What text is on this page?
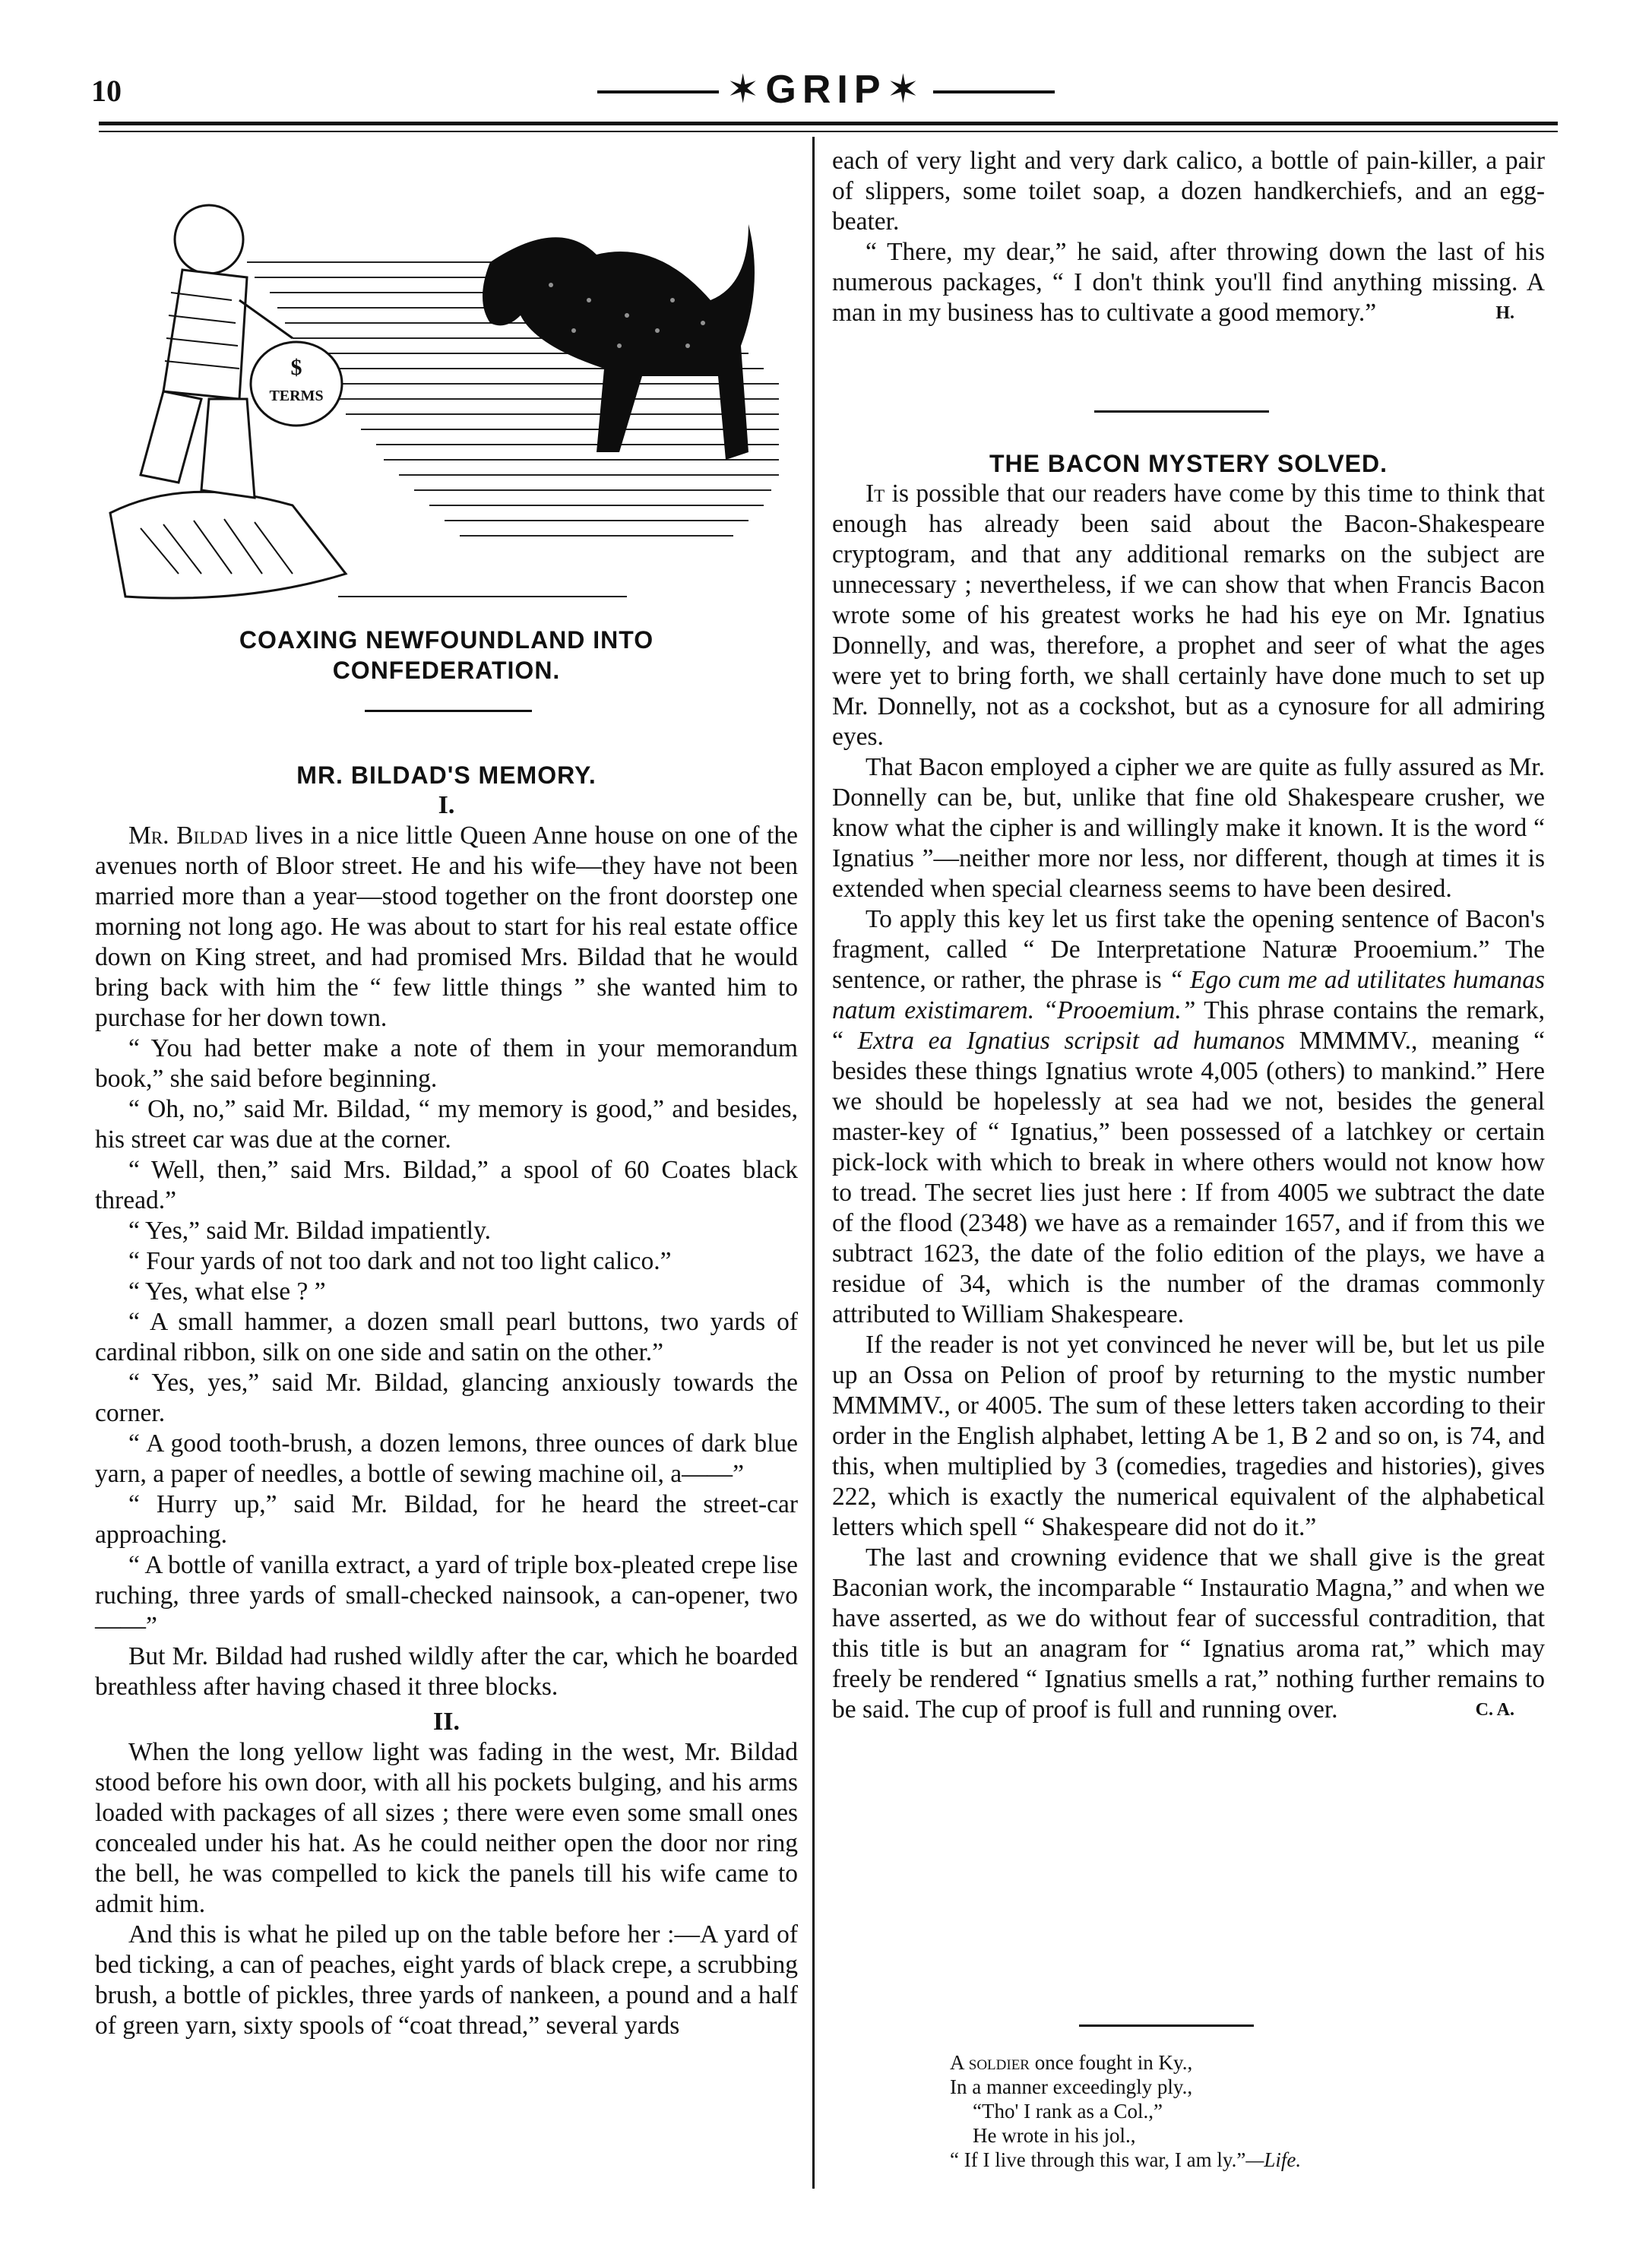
10	✶GRIP✶
$
TERMS
COAXING NEWFOUNDLAND INTO
CONFEDERATION.

MR. BILDAD'S MEMORY.

I.

Mr. Bildad lives in a nice little Queen Anne house on one of the avenues north of Bloor street. He and his wife—they have not been married more than a year—stood together on the front doorstep one morning not long ago. He was about to start for his real estate office down on King street, and had promised Mrs. Bildad that he would bring back with him the “ few little things ” she wanted him to purchase for her down town.

“ You had better make a note of them in your memorandum book,” she said before beginning.

“ Oh, no,” said Mr. Bildad, “ my memory is good,” and besides, his street car was due at the corner.

“ Well, then,” said Mrs. Bildad,” a spool of 60 Coates black thread.”

“ Yes,” said Mr. Bildad impatiently.

“ Four yards of not too dark and not too light calico.”

“ Yes, what else ? ”

“ A small hammer, a dozen small pearl buttons, two yards of cardinal ribbon, silk on one side and satin on the other.”

“ Yes, yes,” said Mr. Bildad, glancing anxiously towards the corner.

“ A good tooth-brush, a dozen lemons, three ounces of dark blue yarn, a paper of needles, a bottle of sewing machine oil, a——”

“ Hurry up,” said Mr. Bildad, for he heard the street-car approaching.

“ A bottle of vanilla extract, a yard of triple box-pleated crepe lise ruching, three yards of small-checked nainsook, a can-opener, two——”

But Mr. Bildad had rushed wildly after the car, which he boarded breathless after having chased it three blocks.

II.

When the long yellow light was fading in the west, Mr. Bildad stood before his own door, with all his pockets bulging, and his arms loaded with packages of all sizes ; there were even some small ones concealed under his hat. As he could neither open the door nor ring the bell, he was compelled to kick the panels till his wife came to admit him.

And this is what he piled up on the table before her :—A yard of bed ticking, a can of peaches, eight yards of black crepe, a scrubbing brush, a bottle of pickles, three yards of nankeen, a pound and a half of green yarn, sixty spools of “coat thread,” several yards

each of very light and very dark calico, a bottle of pain-killer, a pair of slippers, some toilet soap, a dozen handkerchiefs, and an egg-beater.

“ There, my dear,” he said, after throwing down the last of his numerous packages, “ I don't think you'll find anything missing. A man in my business has to cultivate a good memory.”	H.

THE BACON MYSTERY SOLVED.

It is possible that our readers have come by this time to think that enough has already been said about the Bacon-Shakespeare cryptogram, and that any additional remarks on the subject are unnecessary ; nevertheless, if we can show that when Francis Bacon wrote some of his greatest works he had his eye on Mr. Ignatius Donnelly, and was, therefore, a prophet and seer of what the ages were yet to bring forth, we shall certainly have done much to set up Mr. Donnelly, not as a cockshot, but as a cynosure for all admiring eyes.

That Bacon employed a cipher we are quite as fully assured as Mr. Donnelly can be, but, unlike that fine old Shakespeare crusher, we know what the cipher is and willingly make it known. It is the word “ Ignatius ”—neither more nor less, nor different, though at times it is extended when special clearness seems to have been desired.

To apply this key let us first take the opening sentence of Bacon's fragment, called “ De Interpretatione Naturæ Prooemium.” The sentence, or rather, the phrase is “ Ego cum me ad utilitates humanas natum existimarem. “Prooemium.” This phrase contains the remark, “ Extra ea Ignatius scripsit ad humanos MMMMV., meaning “ besides these things Ignatius wrote 4,005 (others) to mankind.” Here we should be hopelessly at sea had we not, besides the general master-key of “ Ignatius,” been possessed of a latchkey or certain pick-lock with which to break in where others would not know how to tread. The secret lies just here : If from 4005 we subtract the date of the flood (2348) we have as a remainder 1657, and if from this we subtract 1623, the date of the folio edition of the plays, we have a residue of 34, which is the number of the dramas commonly attributed to William Shakespeare.

If the reader is not yet convinced he never will be, but let us pile up an Ossa on Pelion of proof by returning to the mystic number MMMMV., or 4005. The sum of these letters taken according to their order in the English alphabet, letting A be 1, B 2 and so on, is 74, and this, when multiplied by 3 (comedies, tragedies and histories), gives 222, which is exactly the numerical equivalent of the alphabetical letters which spell “ Shakespeare did not do it.”

The last and crowning evidence that we shall give is the great Baconian work, the incomparable “ Instauratio Magna,” and when we have asserted, as we do without fear of successful contradition, that this title is but an anagram for “ Ignatius aroma rat,” which may freely be rendered “ Ignatius smells a rat,” nothing further remains to be said. The cup of proof is full and running over.	C. A.

A soldier once fought in Ky.,
In a manner exceedingly ply.,
“Tho' I rank as a Col.,”
He wrote in his jol.,
“ If I live through this war, I am ly.”—Life.
